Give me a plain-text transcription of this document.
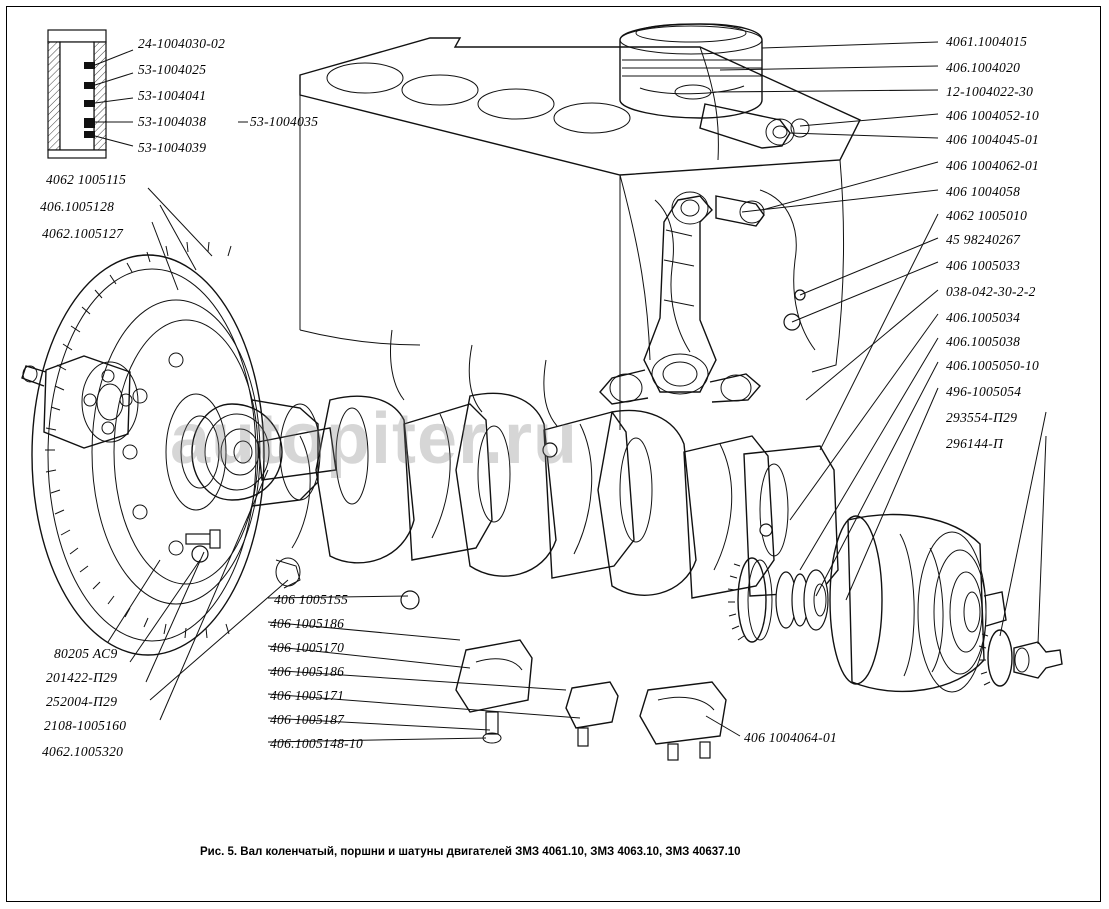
autopiter.ru
24-1004030-02
53-1004025
53-1004041
53-1004038
53-1004039
53-1004035
4062 1005115
406.1005128
4062.1005127
80205 АС9
201422-П29
252004-П29
2108-1005160
4062.1005320
406 1005155
406 1005186
406 1005170
406 1005186
406 1005171
406 1005187
406.1005148-10	406 1004064-01
4061.1004015
406.1004020
12-1004022-30
406 1004052-10
406 1004045-01
406 1004062-01
406 1004058
4062 1005010
45 98240267
406 1005033
038-042-30-2-2
406.1005034
406.1005038
406.1005050-10
496-1005054
293554-П29
296144-П
Рис. 5. Вал коленчатый, поршни и шатуны двигателей ЗМЗ 4061.10, ЗМЗ 4063.10, ЗМЗ 40637.10
